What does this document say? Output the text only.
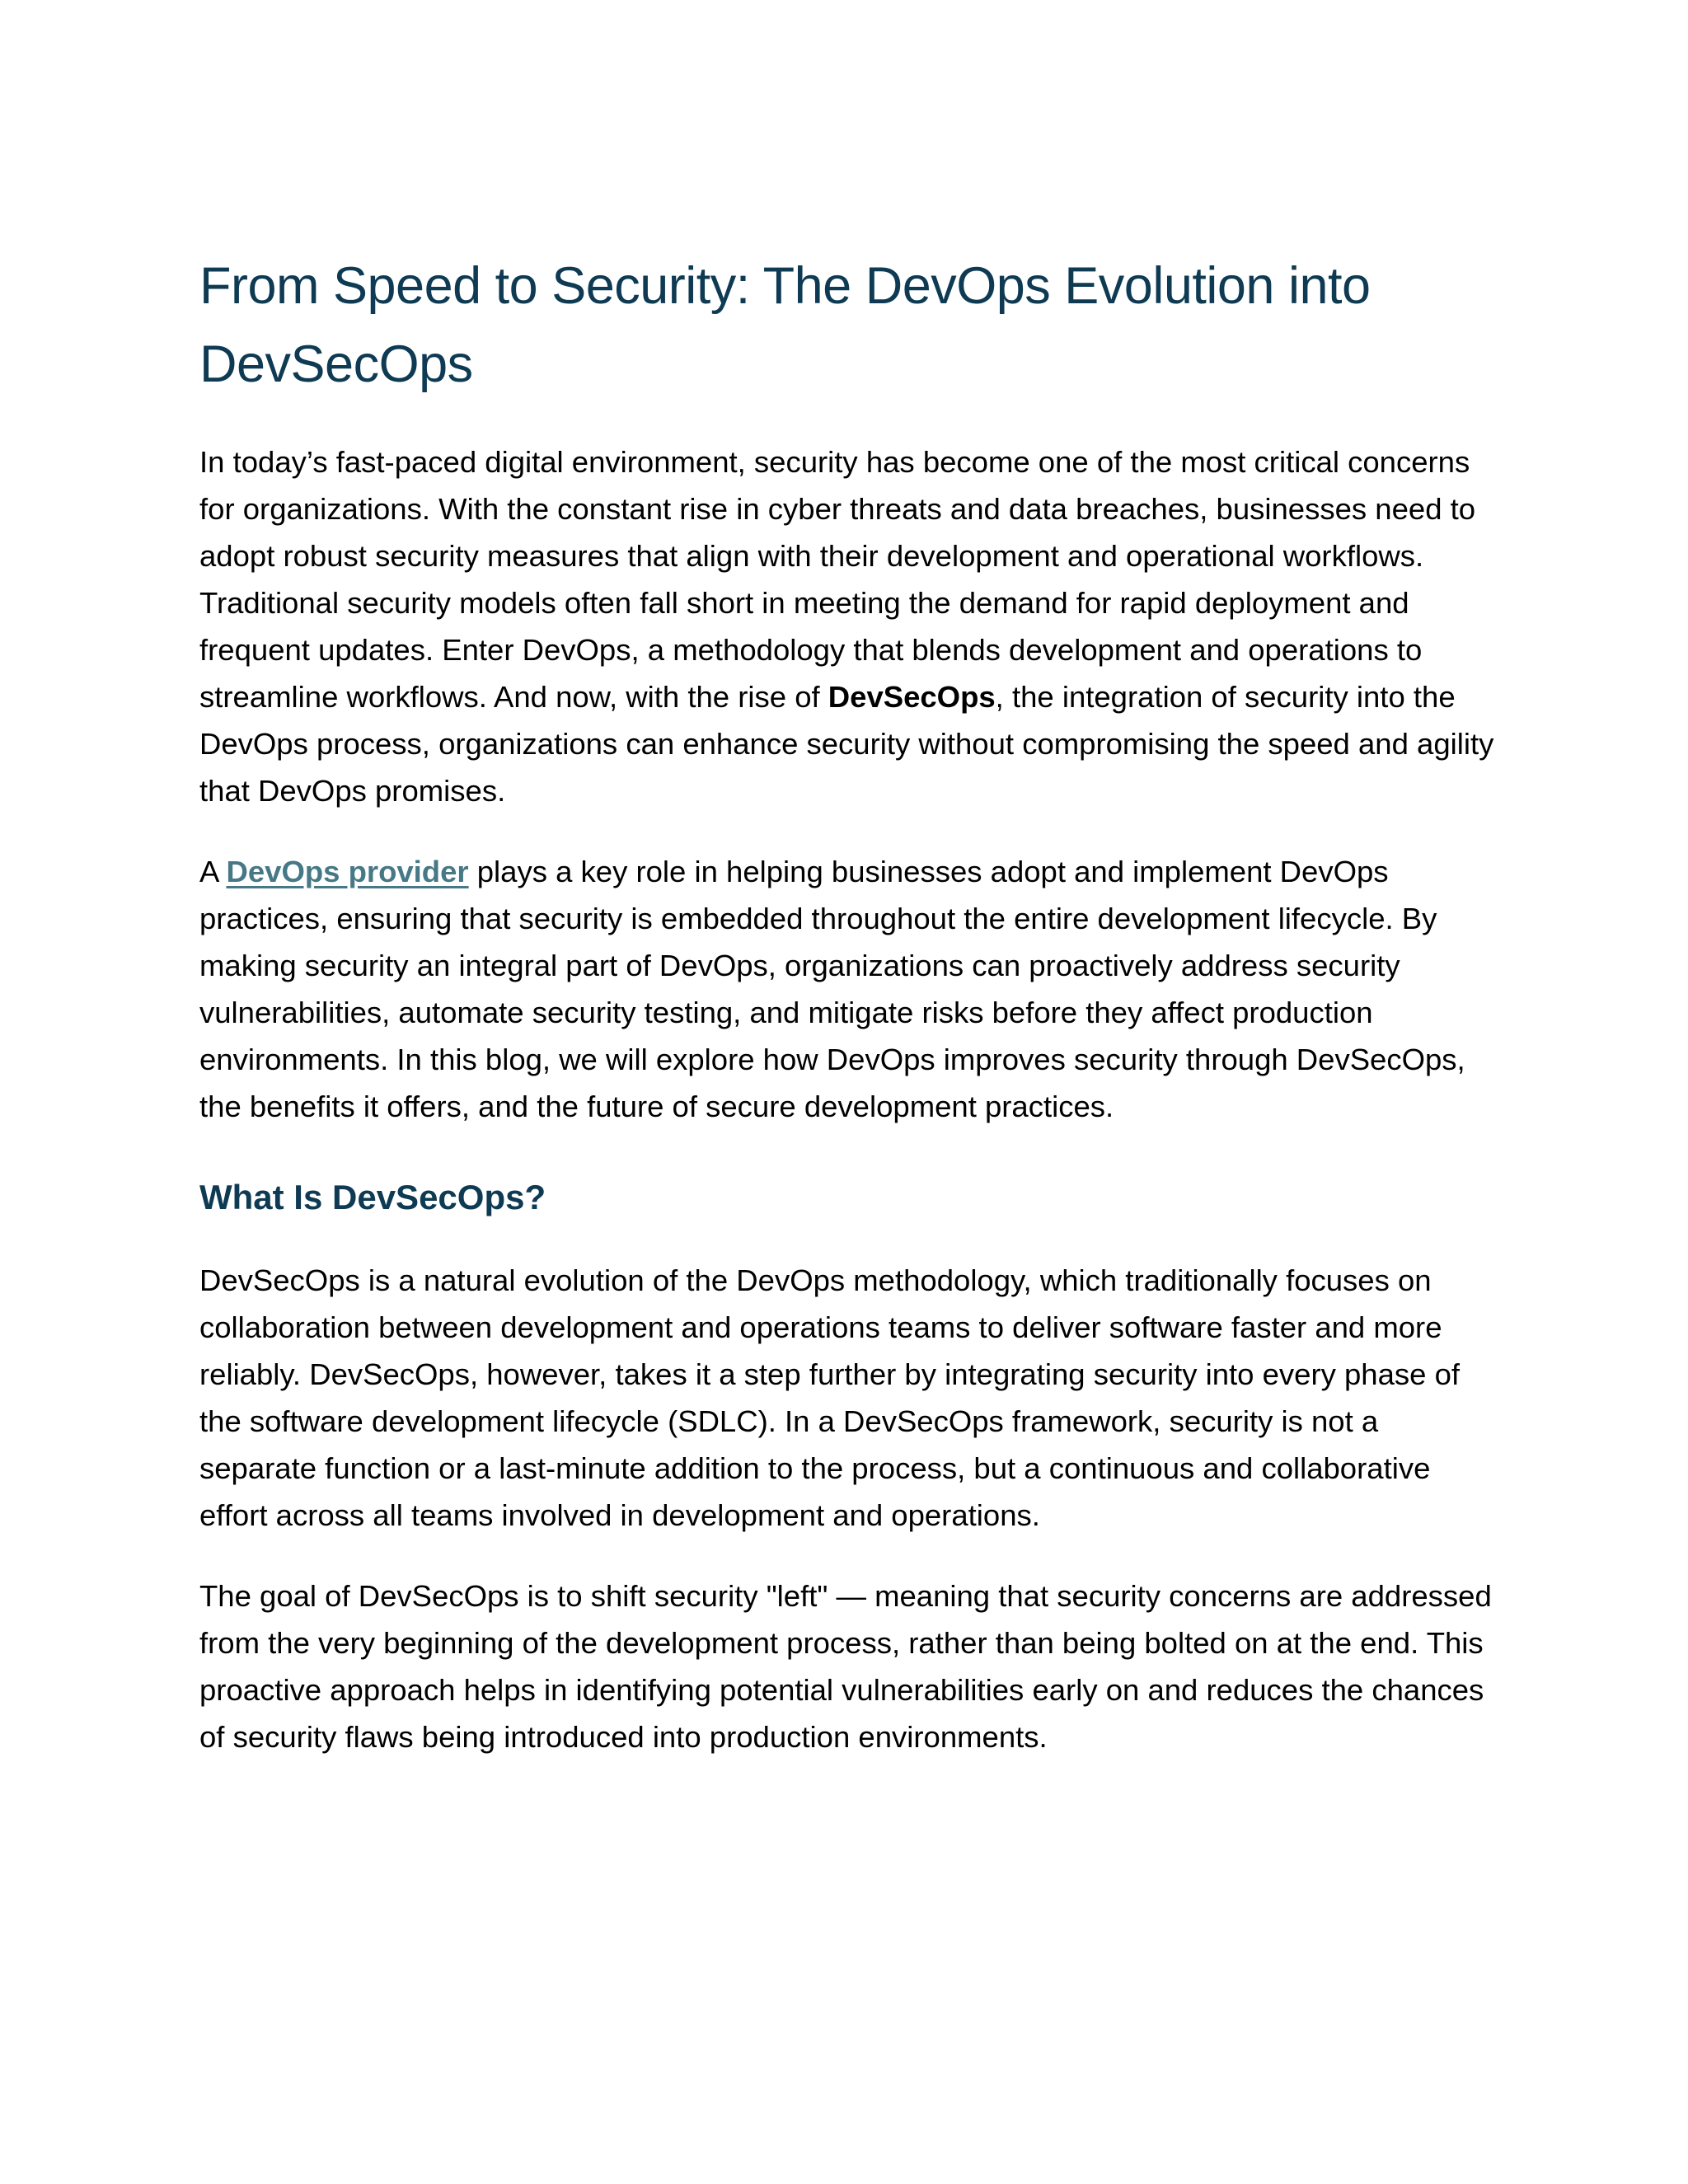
From Speed to Security: The DevOps Evolution into DevSecOps

In today’s fast-paced digital environment, security has become one of the most critical concerns for organizations. With the constant rise in cyber threats and data breaches, businesses need to adopt robust security measures that align with their development and operational workflows. Traditional security models often fall short in meeting the demand for rapid deployment and frequent updates. Enter DevOps, a methodology that blends development and operations to streamline workflows. And now, with the rise of DevSecOps, the integration of security into the DevOps process, organizations can enhance security without compromising the speed and agility that DevOps promises.

A DevOps provider plays a key role in helping businesses adopt and implement DevOps practices, ensuring that security is embedded throughout the entire development lifecycle. By making security an integral part of DevOps, organizations can proactively address security vulnerabilities, automate security testing, and mitigate risks before they affect production environments. In this blog, we will explore how DevOps improves security through DevSecOps, the benefits it offers, and the future of secure development practices.

What Is DevSecOps?

DevSecOps is a natural evolution of the DevOps methodology, which traditionally focuses on collaboration between development and operations teams to deliver software faster and more reliably. DevSecOps, however, takes it a step further by integrating security into every phase of the software development lifecycle (SDLC). In a DevSecOps framework, security is not a separate function or a last-minute addition to the process, but a continuous and collaborative effort across all teams involved in development and operations.

The goal of DevSecOps is to shift security "left" — meaning that security concerns are addressed from the very beginning of the development process, rather than being bolted on at the end. This proactive approach helps in identifying potential vulnerabilities early on and reduces the chances of security flaws being introduced into production environments.
